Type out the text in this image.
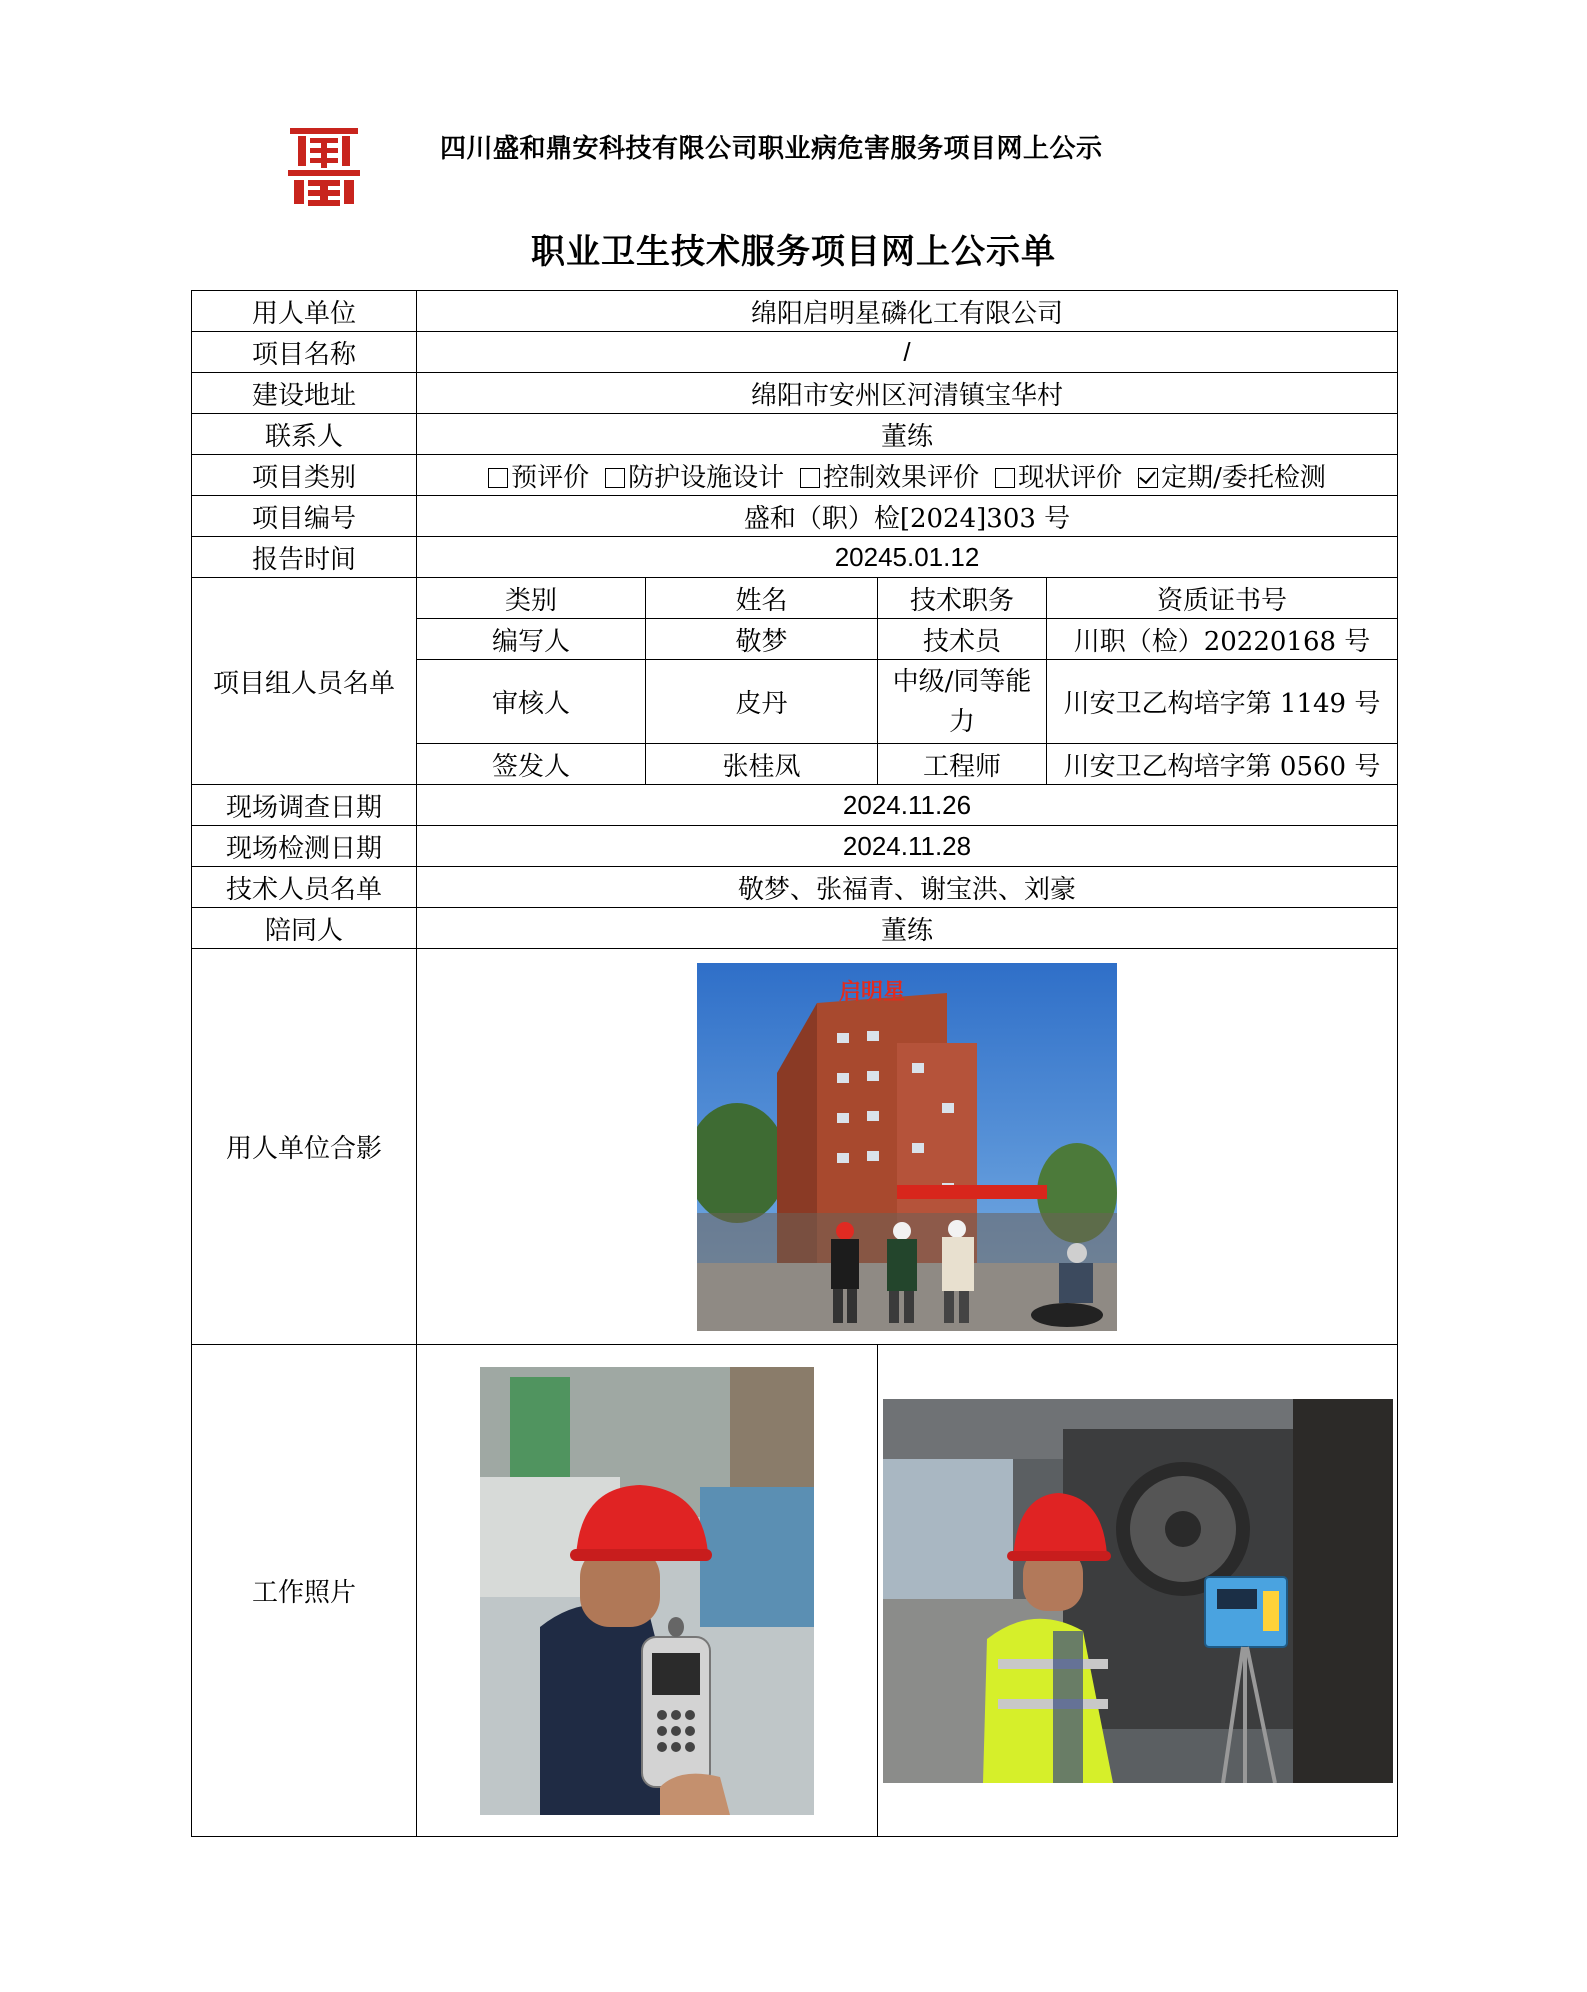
四川盛和鼎安科技有限公司职业病危害服务项目网上公示
职业卫生技术服务项目网上公示单
用人单位	绵阳启明星磷化工有限公司			
项目名称	/			
建设地址	绵阳市安州区河清镇宝华村			
联系人	董练			
项目类别	预评价 防护设施设计 控制效果评价 现状评价 定期/委托检测			
项目编号	盛和（职）检[2024]303 号			
报告时间	20245.01.12			
项目组人员名单	类别	姓名	技术职务	资质证书号
	编写人	敬梦	技术员	川职（检）20220168 号
	审核人	皮丹	中级/同等能力	川安卫乙构培字第 1149 号
	签发人	张桂凤	工程师	川安卫乙构培字第 0560 号
现场调查日期	2024.11.26			
现场检测日期	2024.11.28			
技术人员名单	敬梦、张福青、谢宝洪、刘豪			
陪同人	董练			
用人单位合影	启明星			

工作照片	
